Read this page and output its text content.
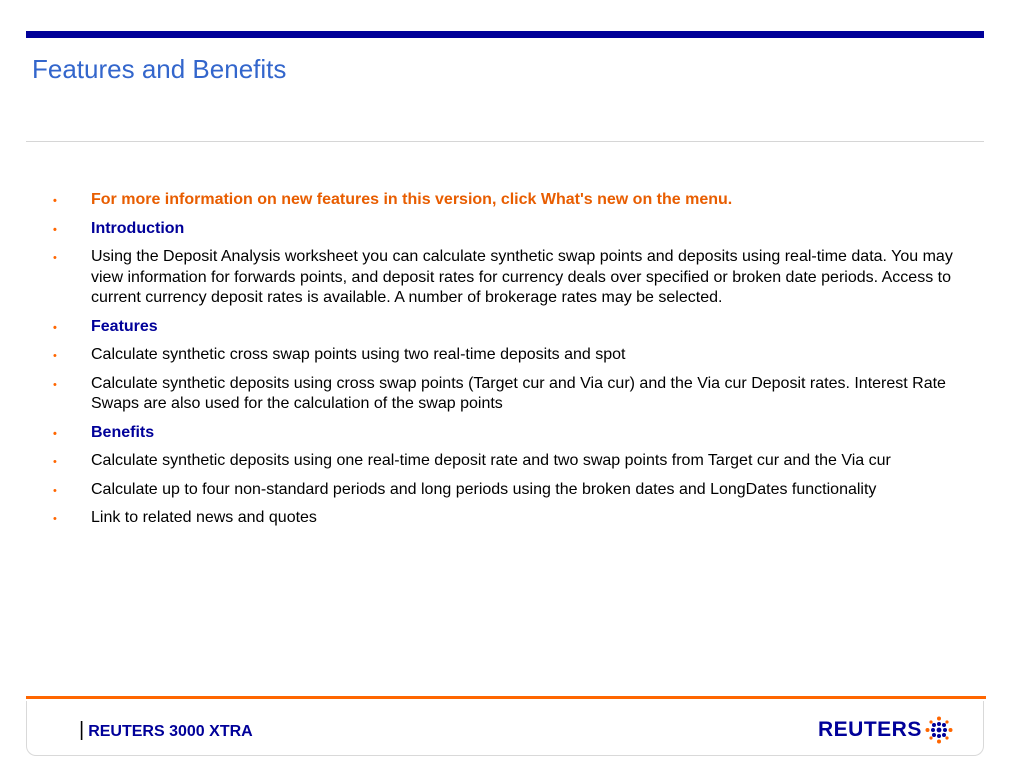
Features and Benefits
• For more information on new features in this version, click What's new on the menu.
• Introduction
• Using the Deposit Analysis worksheet you can calculate synthetic swap points and deposits using real-time data. You may view information for forwards points, and deposit rates for currency deals over specified or broken date periods. Access to current currency deposit rates is available. A number of brokerage rates may be selected.
• Features
• Calculate synthetic cross swap points using two real-time deposits and spot
• Calculate synthetic deposits using cross swap points (Target cur and Via cur) and the Via cur Deposit rates. Interest Rate Swaps are also used for the calculation of the swap points
• Benefits
• Calculate synthetic deposits using one real-time deposit rate and two swap points from Target cur and the Via cur
• Calculate up to four non-standard periods and long periods using the broken dates and LongDates functionality
• Link to related news and quotes
| REUTERS 3000 XTRA	REUTERS
